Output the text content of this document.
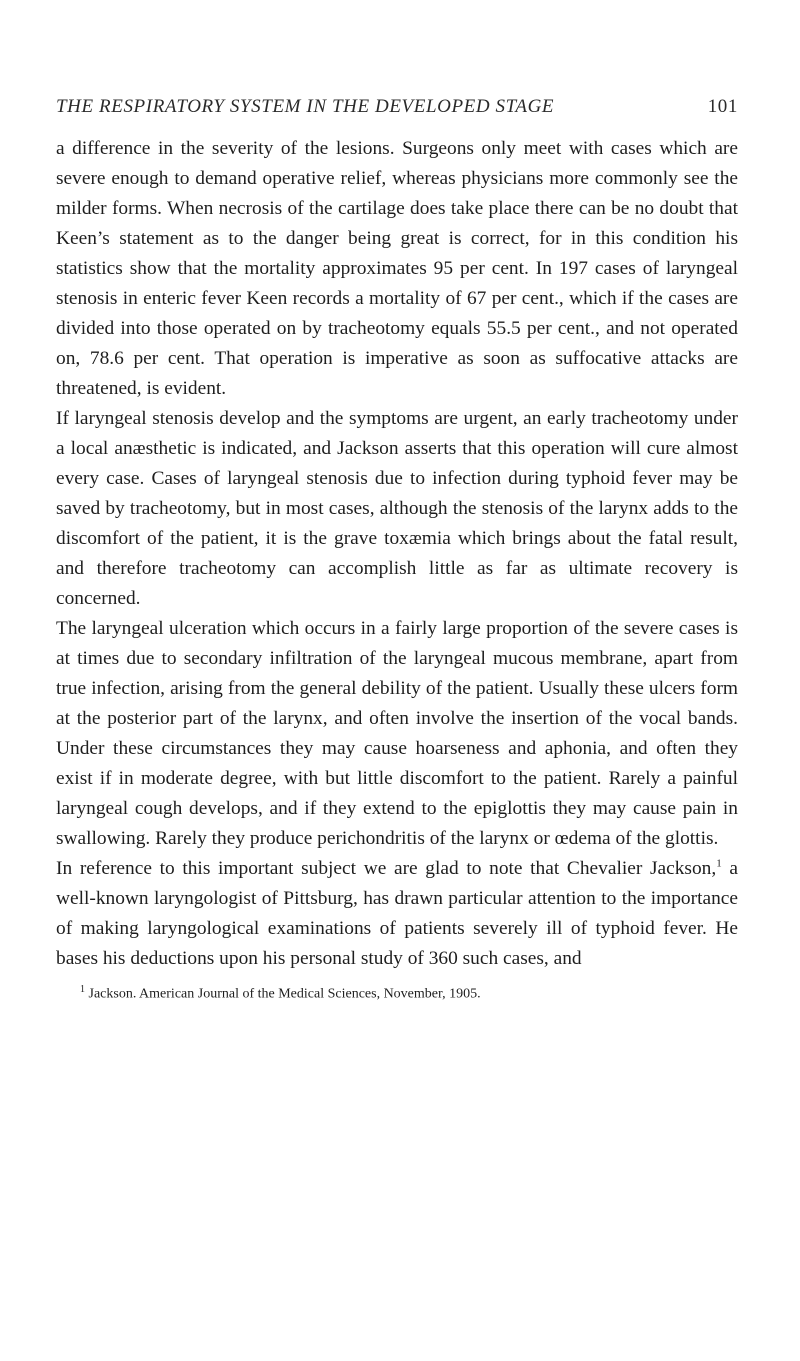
THE RESPIRATORY SYSTEM IN THE DEVELOPED STAGE	101

a difference in the severity of the lesions. Surgeons only meet with cases which are severe enough to demand operative relief, whereas physicians more commonly see the milder forms. When necrosis of the cartilage does take place there can be no doubt that Keen’s statement as to the danger being great is correct, for in this condition his statistics show that the mortality approximates 95 per cent. In 197 cases of laryngeal stenosis in enteric fever Keen records a mortality of 67 per cent., which if the cases are divided into those operated on by tracheotomy equals 55.5 per cent., and not operated on, 78.6 per cent. That operation is imperative as soon as suffocative attacks are threatened, is evident.

If laryngeal stenosis develop and the symptoms are urgent, an early tracheotomy under a local anæsthetic is indicated, and Jackson asserts that this operation will cure almost every case. Cases of laryngeal stenosis due to infection during typhoid fever may be saved by tracheotomy, but in most cases, although the stenosis of the larynx adds to the discomfort of the patient, it is the grave toxæmia which brings about the fatal result, and therefore tracheotomy can accomplish little as far as ultimate recovery is concerned.

The laryngeal ulceration which occurs in a fairly large proportion of the severe cases is at times due to secondary infiltration of the laryngeal mucous membrane, apart from true infection, arising from the general debility of the patient. Usually these ulcers form at the posterior part of the larynx, and often involve the insertion of the vocal bands. Under these circumstances they may cause hoarseness and aphonia, and often they exist if in moderate degree, with but little discomfort to the patient. Rarely a painful laryngeal cough develops, and if they extend to the epiglottis they may cause pain in swallowing. Rarely they produce perichondritis of the larynx or œdema of the glottis.

In reference to this important subject we are glad to note that Chevalier Jackson,$^1$ a well-known laryngologist of Pittsburg, has drawn particular attention to the importance of making laryngological examinations of patients severely ill of typhoid fever. He bases his deductions upon his personal study of 360 such cases, and

$^1$ Jackson. American Journal of the Medical Sciences, November, 1905.
